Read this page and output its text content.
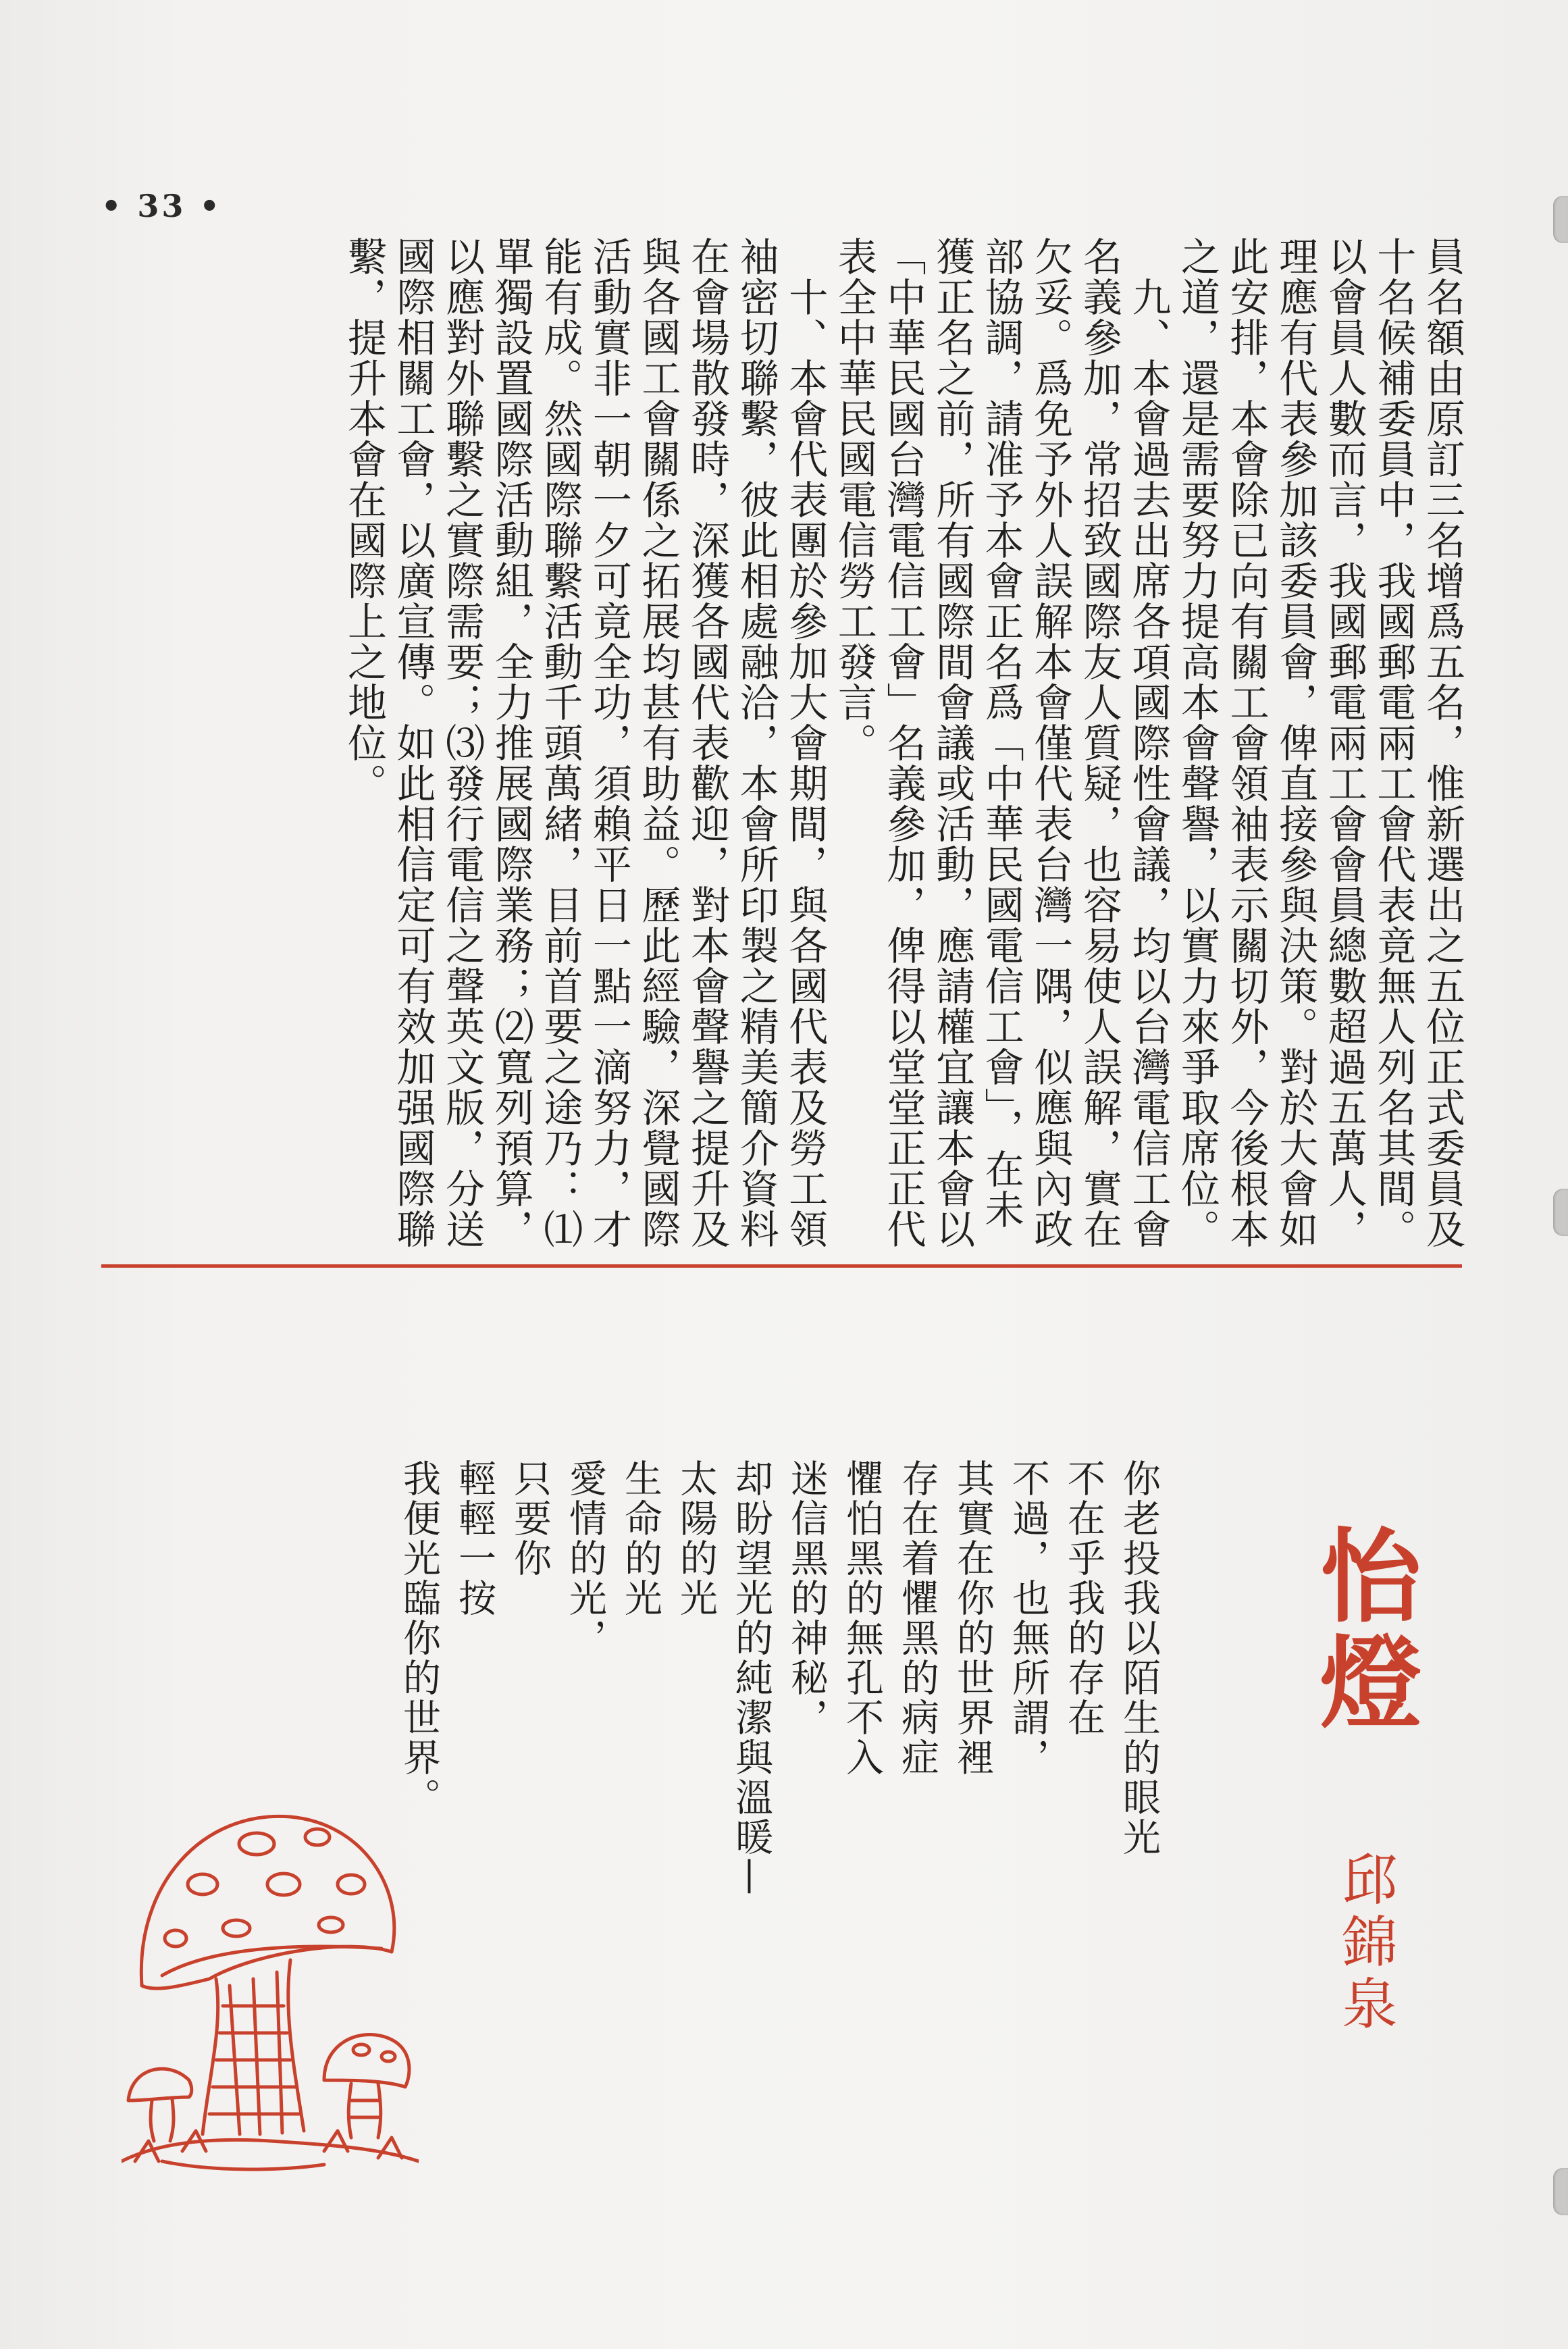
• 33 •
員名額由原訂三名增爲五名，惟新選出之五位正式委員及
十名候補委員中，我國郵電兩工會代表竟無人列名其間。
以會員人數而言，我國郵電兩工會會員總數超過五萬人，
理應有代表參加該委員會，俾直接參與決策。對於大會如
此安排，本會除已向有關工會領袖表示關切外，今後根本
之道，還是需要努力提高本會聲譽，以實力來爭取席位。
　九、本會過去出席各項國際性會議，均以台灣電信工會
名義參加，常招致國際友人質疑，也容易使人誤解，實在
欠妥。爲免予外人誤解本會僅代表台灣一隅，似應與內政
部協調，請准予本會正名爲「中華民國電信工會」，在未
獲正名之前，所有國際間會議或活動，應請權宜讓本會以
「中華民國台灣電信工會」名義參加，俾得以堂堂正正代
表全中華民國電信勞工發言。
　十、本會代表團於參加大會期間，與各國代表及勞工領
袖密切聯繫，彼此相處融洽，本會所印製之精美簡介資料
在會場散發時，深獲各國代表歡迎，對本會聲譽之提升及
與各國工會關係之拓展均甚有助益。歷此經驗，深覺國際
活動實非一朝一夕可竟全功，須賴平日一點一滴努力，才
能有成。然國際聯繫活動千頭萬緒，目前首要之途乃：⑴
單獨設置國際活動組，全力推展國際業務；⑵寬列預算，
以應對外聯繫之實際需要；⑶發行電信之聲英文版，分送
國際相關工會，以廣宣傳。如此相信定可有效加强國際聯
繫，提升本會在國際上之地位。
怡燈
邱錦泉
你老投我以陌生的眼光
不在乎我的存在
不過，也無所謂，
其實在你的世界裡
存在着懼黑的病症
懼怕黑的無孔不入
迷信黑的神秘，
却盼望光的純潔與溫暖—
太陽的光
生命的光
愛情的光，
只要你
輕輕一按
我便光臨你的世界。
